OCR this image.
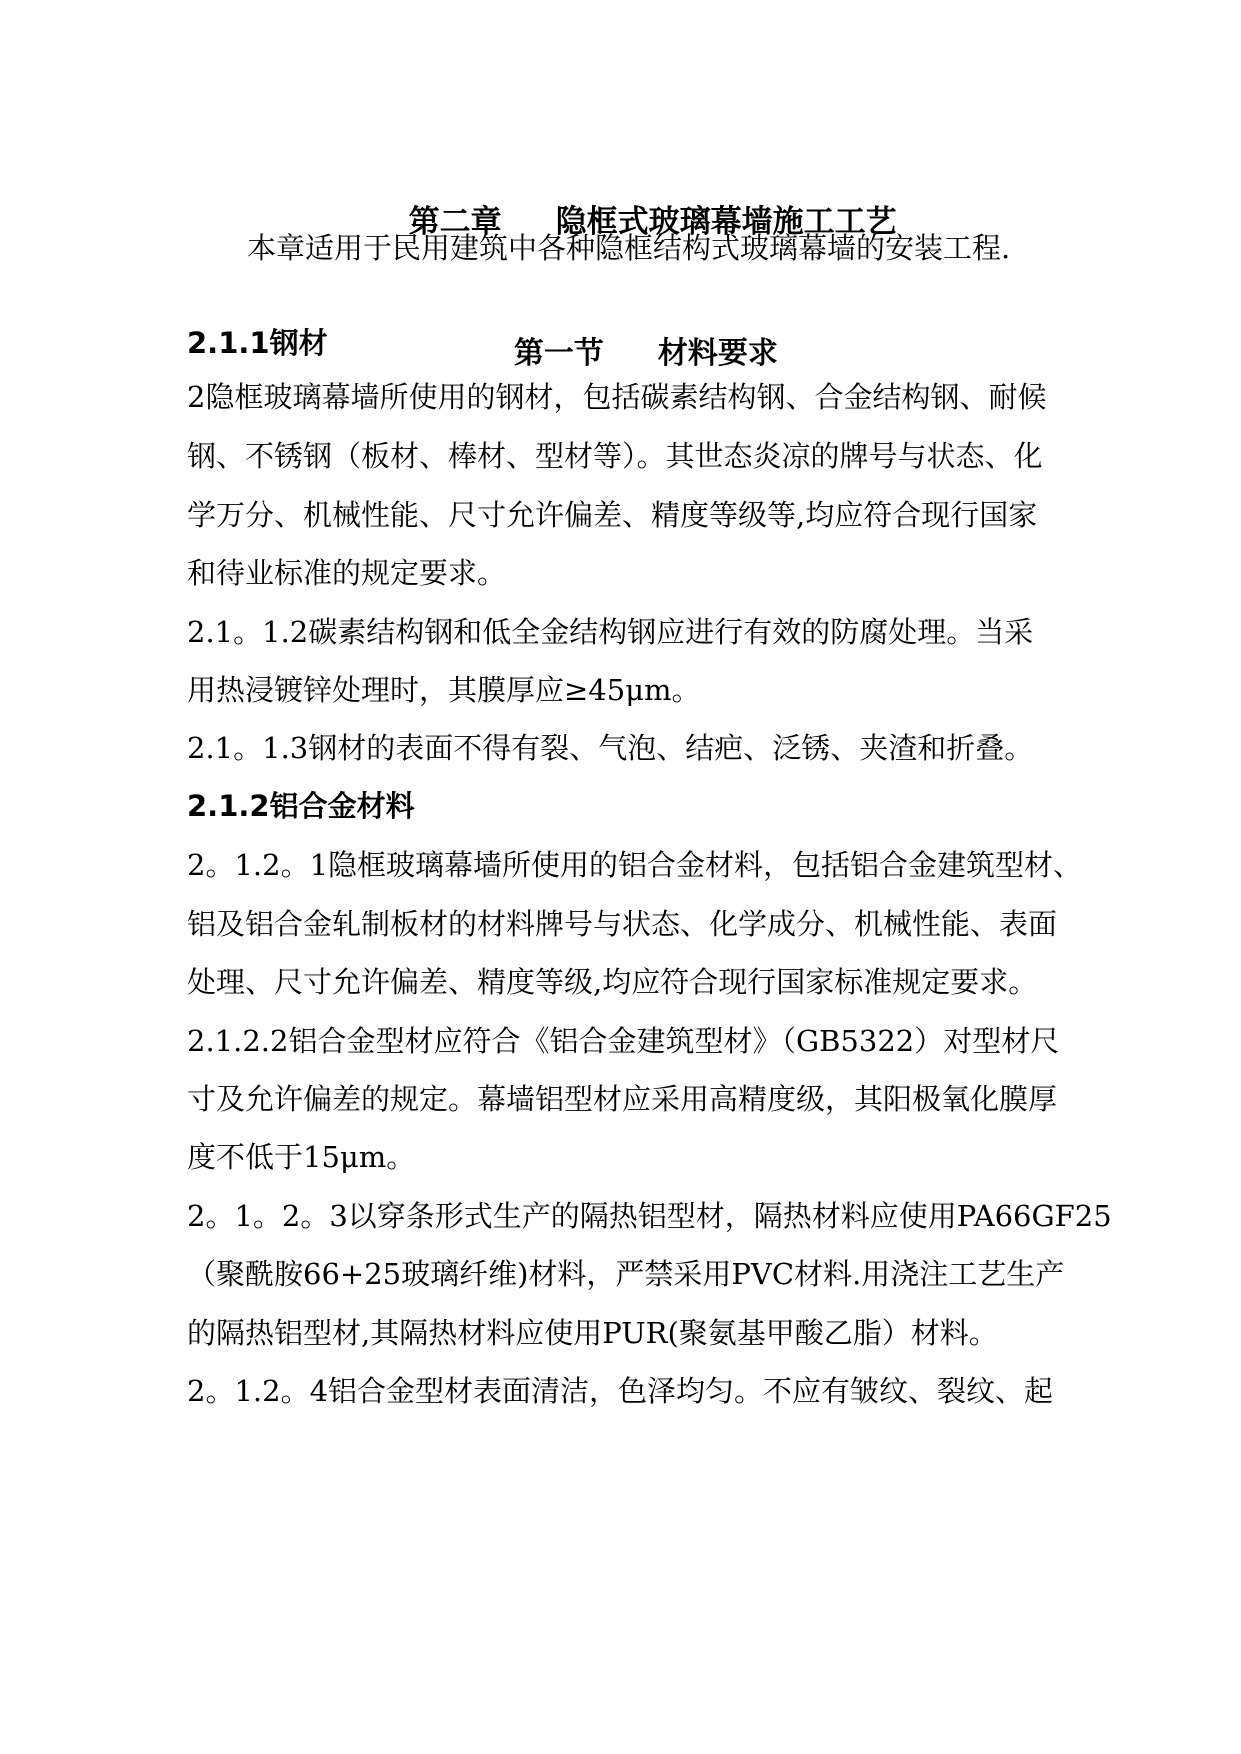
第二章 隐框式玻璃幕墙施工工艺

本章适用于民用建筑中各种隐框结构式玻璃幕墙的安装工程.

第一节 材料要求

2.1.1钢材

2隐框玻璃幕墙所使用的钢材，包括碳素结构钢、合金结构钢、耐候

钢、不锈钢（板材、棒材、型材等）。其世态炎凉的牌号与状态、化

学万分、机械性能、尺寸允许偏差、精度等级等,均应符合现行国家

和待业标准的规定要求。

2.1。1.2碳素结构钢和低全金结构钢应进行有效的防腐处理。当采

用热浸镀锌处理时，其膜厚应≥45μm。

2.1。1.3钢材的表面不得有裂、气泡、结疤、泛锈、夹渣和折叠。

2.1.2铝合金材料

2。1.2。1隐框玻璃幕墙所使用的铝合金材料，包括铝合金建筑型材、

铝及铝合金轧制板材的材料牌号与状态、化学成分、机械性能、表面

处理、尺寸允许偏差、精度等级,均应符合现行国家标准规定要求。

2.1.2.2铝合金型材应符合《铝合金建筑型材》（GB5322）对型材尺

寸及允许偏差的规定。幕墙铝型材应采用高精度级，其阳极氧化膜厚

度不低于15μm。

2。1。2。3以穿条形式生产的隔热铝型材，隔热材料应使用PA66GF25

（聚酰胺66+25玻璃纤维)材料，严禁采用PVC材料.用浇注工艺生产

的隔热铝型材,其隔热材料应使用PUR(聚氨基甲酸乙脂）材料。

2。1.2。4铝合金型材表面清洁，色泽均匀。不应有皱纹、裂纹、起
